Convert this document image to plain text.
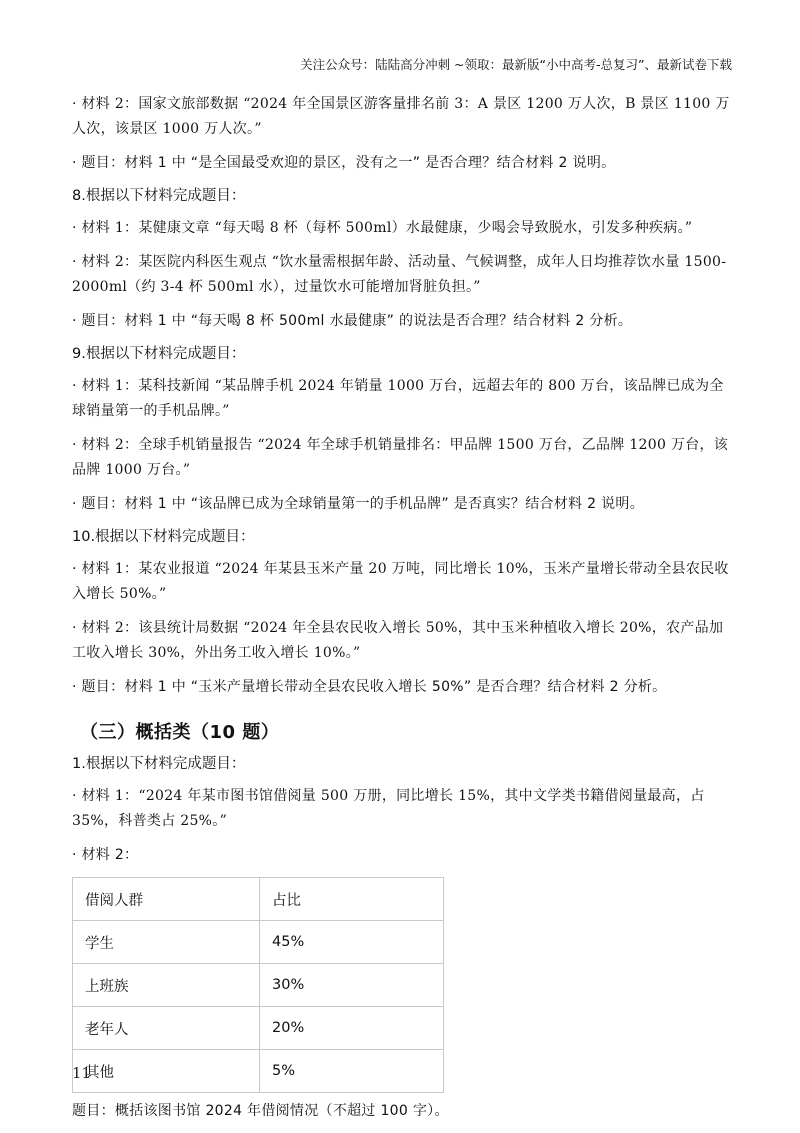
关注公众号：陆陆高分冲刺 ~领取：最新版“小中高考-总复习”、最新试卷下载
· 材料 2：国家文旅部数据 “2024 年全国景区游客量排名前 3：A 景区 1200 万人次，B 景区 1100 万人次，该景区 1000 万人次。”
· 题目：材料 1 中 “是全国最受欢迎的景区，没有之一” 是否合理？结合材料 2 说明。
8.根据以下材料完成题目：
· 材料 1：某健康文章 “每天喝 8 杯（每杯 500ml）水最健康，少喝会导致脱水，引发多种疾病。”
· 材料 2：某医院内科医生观点 “饮水量需根据年龄、活动量、气候调整，成年人日均推荐饮水量 1500-2000ml（约 3-4 杯 500ml 水），过量饮水可能增加肾脏负担。”
· 题目：材料 1 中 “每天喝 8 杯 500ml 水最健康” 的说法是否合理？结合材料 2 分析。
9.根据以下材料完成题目：
· 材料 1：某科技新闻 “某品牌手机 2024 年销量 1000 万台，远超去年的 800 万台，该品牌已成为全球销量第一的手机品牌。”
· 材料 2：全球手机销量报告 “2024 年全球手机销量排名：甲品牌 1500 万台，乙品牌 1200 万台，该品牌 1000 万台。”
· 题目：材料 1 中 “该品牌已成为全球销量第一的手机品牌” 是否真实？结合材料 2 说明。
10.根据以下材料完成题目：
· 材料 1：某农业报道 “2024 年某县玉米产量 20 万吨，同比增长 10%，玉米产量增长带动全县农民收入增长 50%。”
· 材料 2：该县统计局数据 “2024 年全县农民收入增长 50%，其中玉米种植收入增长 20%，农产品加工收入增长 30%，外出务工收入增长 10%。”
· 题目：材料 1 中 “玉米产量增长带动全县农民收入增长 50%” 是否合理？结合材料 2 分析。
（三）概括类（10 题）
1.根据以下材料完成题目：
· 材料 1：“2024 年某市图书馆借阅量 500 万册，同比增长 15%，其中文学类书籍借阅量最高，占 35%，科普类占 25%。”
· 材料 2：
借阅人群	占比
学生	45%
上班族	30%
老年人	20%
其他	5%
题目：概括该图书馆 2024 年借阅情况（不超过 100 字）。
11
